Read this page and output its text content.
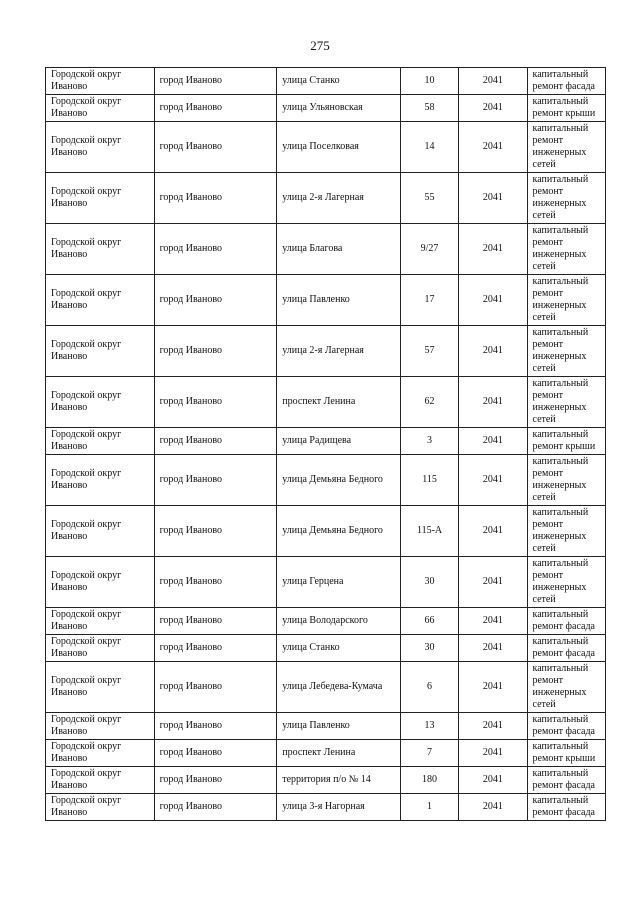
275
Городской округ Иваново	город Иваново	улица Станко	10	2041	капитальный ремонт фасада
Городской округ Иваново	город Иваново	улица Ульяновская	58	2041	капитальный ремонт крыши
Городской округ Иваново	город Иваново	улица Поселковая	14	2041	капитальный ремонт инженерных сетей
Городской округ Иваново	город Иваново	улица 2-я Лагерная	55	2041	капитальный ремонт инженерных сетей
Городской округ Иваново	город Иваново	улица Благова	9/27	2041	капитальный ремонт инженерных сетей
Городской округ Иваново	город Иваново	улица Павленко	17	2041	капитальный ремонт инженерных сетей
Городской округ Иваново	город Иваново	улица 2-я Лагерная	57	2041	капитальный ремонт инженерных сетей
Городской округ Иваново	город Иваново	проспект Ленина	62	2041	капитальный ремонт инженерных сетей
Городской округ Иваново	город Иваново	улица Радищева	3	2041	капитальный ремонт крыши
Городской округ Иваново	город Иваново	улица Демьяна Бедного	115	2041	капитальный ремонт инженерных сетей
Городской округ Иваново	город Иваново	улица Демьяна Бедного	115-А	2041	капитальный ремонт инженерных сетей
Городской округ Иваново	город Иваново	улица Герцена	30	2041	капитальный ремонт инженерных сетей
Городской округ Иваново	город Иваново	улица Володарского	66	2041	капитальный ремонт фасада
Городской округ Иваново	город Иваново	улица Станко	30	2041	капитальный ремонт фасада
Городской округ Иваново	город Иваново	улица Лебедева-Кумача	6	2041	капитальный ремонт инженерных сетей
Городской округ Иваново	город Иваново	улица Павленко	13	2041	капитальный ремонт фасада
Городской округ Иваново	город Иваново	проспект Ленина	7	2041	капитальный ремонт крыши
Городской округ Иваново	город Иваново	территория п/о № 14	180	2041	капитальный ремонт фасада
Городской округ Иваново	город Иваново	улица 3-я Нагорная	1	2041	капитальный ремонт фасада
